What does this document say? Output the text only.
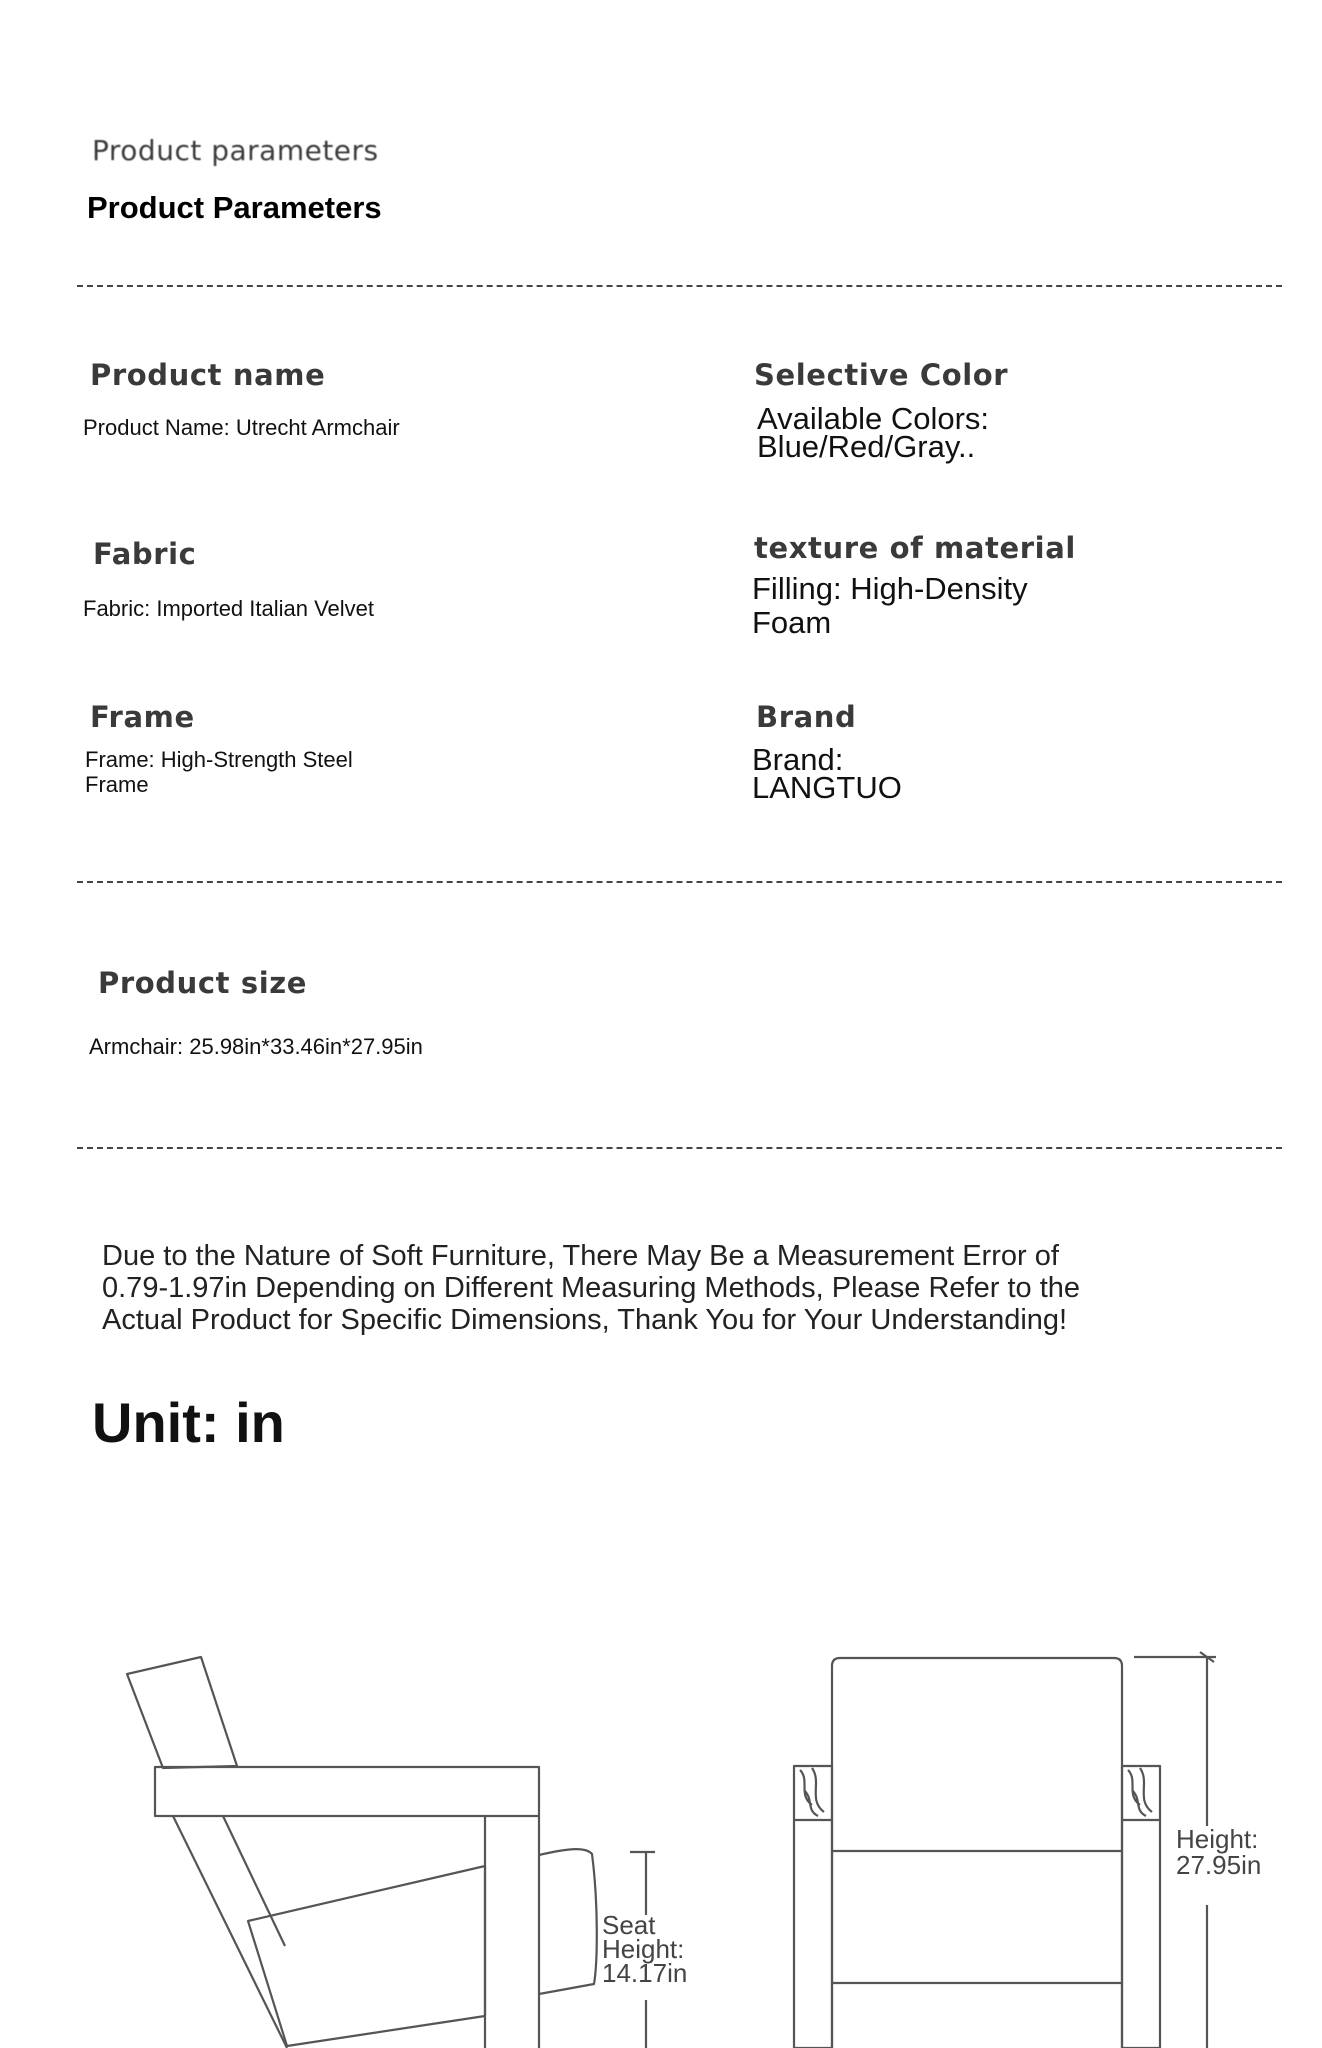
Product parameters
Product Parameters
Product name
Product Name: Utrecht Armchair
Selective Color
Available Colors:
Blue/Red/Gray..
Fabric
Fabric: Imported Italian Velvet
texture of material
Filling: High-Density
Foam
Frame
Frame: High-Strength Steel
Frame
Brand
Brand:
LANGTUO
Product size
Armchair: 25.98in*33.46in*27.95in
Due to the Nature of Soft Furniture, There May Be a Measurement Error of
0.79-1.97in Depending on Different Measuring Methods, Please Refer to the
Actual Product for Specific Dimensions, Thank You for Your Understanding!
Unit: in
Seat
Height:
14.17in
Height:
27.95in
